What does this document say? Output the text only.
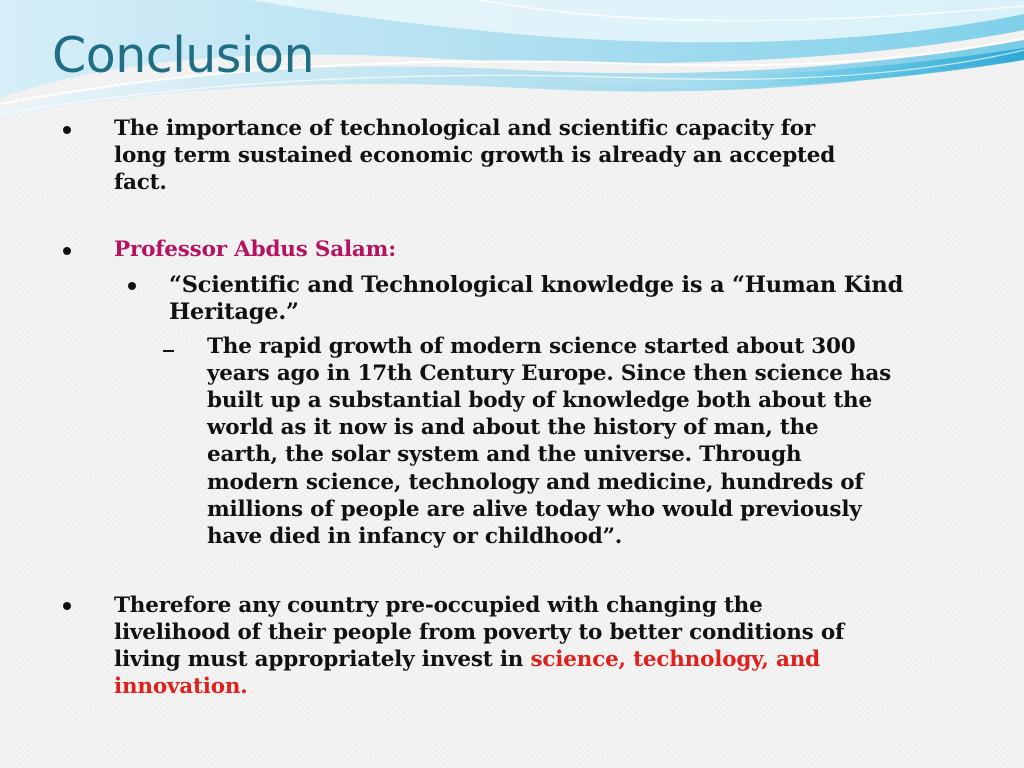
Conclusion
The importance of technological and scientific capacity for
long term sustained economic growth is already an accepted
fact.
Professor Abdus Salam:
“Scientific and Technological knowledge is a “Human Kind
Heritage.”
The rapid growth of modern science started about 300
years ago in 17th Century Europe. Since then science has
built up a substantial body of knowledge both about the
world as it now is and about the history of man, the
earth, the solar system and the universe. Through
modern science, technology and medicine, hundreds of
millions of people are alive today who would previously
have died in infancy or childhood”.
Therefore any country pre-occupied with changing the
livelihood of their people from poverty to better conditions of
living must appropriately invest in science, technology, and
innovation.
